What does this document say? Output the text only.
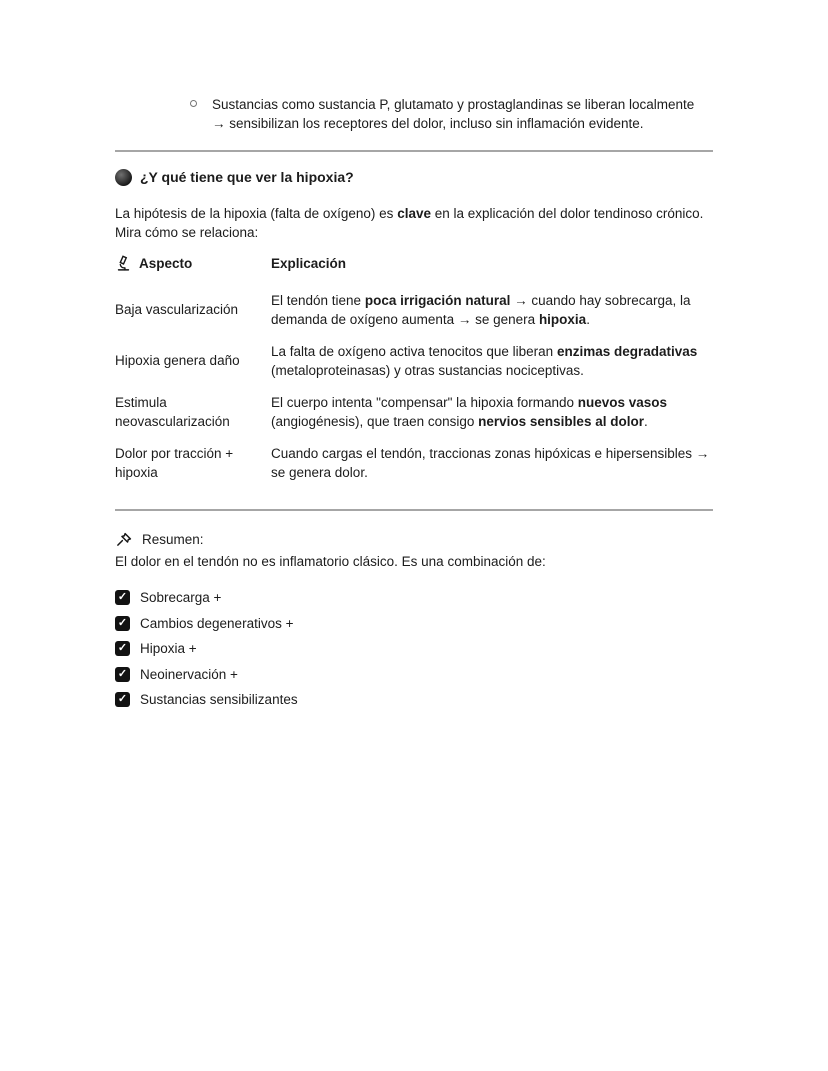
Sustancias como sustancia P, glutamato y prostaglandinas se liberan localmente → sensibilizan los receptores del dolor, incluso sin inflamación evidente.
¿Y qué tiene que ver la hipoxia?
La hipótesis de la hipoxia (falta de oxígeno) es clave en la explicación del dolor tendinoso crónico. Mira cómo se relaciona:
Aspecto	Explicación
Baja vascularización	El tendón tiene poca irrigación natural → cuando hay sobrecarga, la demanda de oxígeno aumenta → se genera hipoxia.
Hipoxia genera daño	La falta de oxígeno activa tenocitos que liberan enzimas degradativas (metaloproteinasas) y otras sustancias nociceptivas.
Estimula neovascularización	El cuerpo intenta "compensar" la hipoxia formando nuevos vasos (angiogénesis), que traen consigo nervios sensibles al dolor.
Dolor por tracción + hipoxia	Cuando cargas el tendón, traccionas zonas hipóxicas e hipersensibles → se genera dolor.
Resumen:
El dolor en el tendón no es inflamatorio clásico. Es una combinación de:
✓ Sobrecarga +
✓ Cambios degenerativos +
✓ Hipoxia +
✓ Neoinervación +
✓ Sustancias sensibilizantes
